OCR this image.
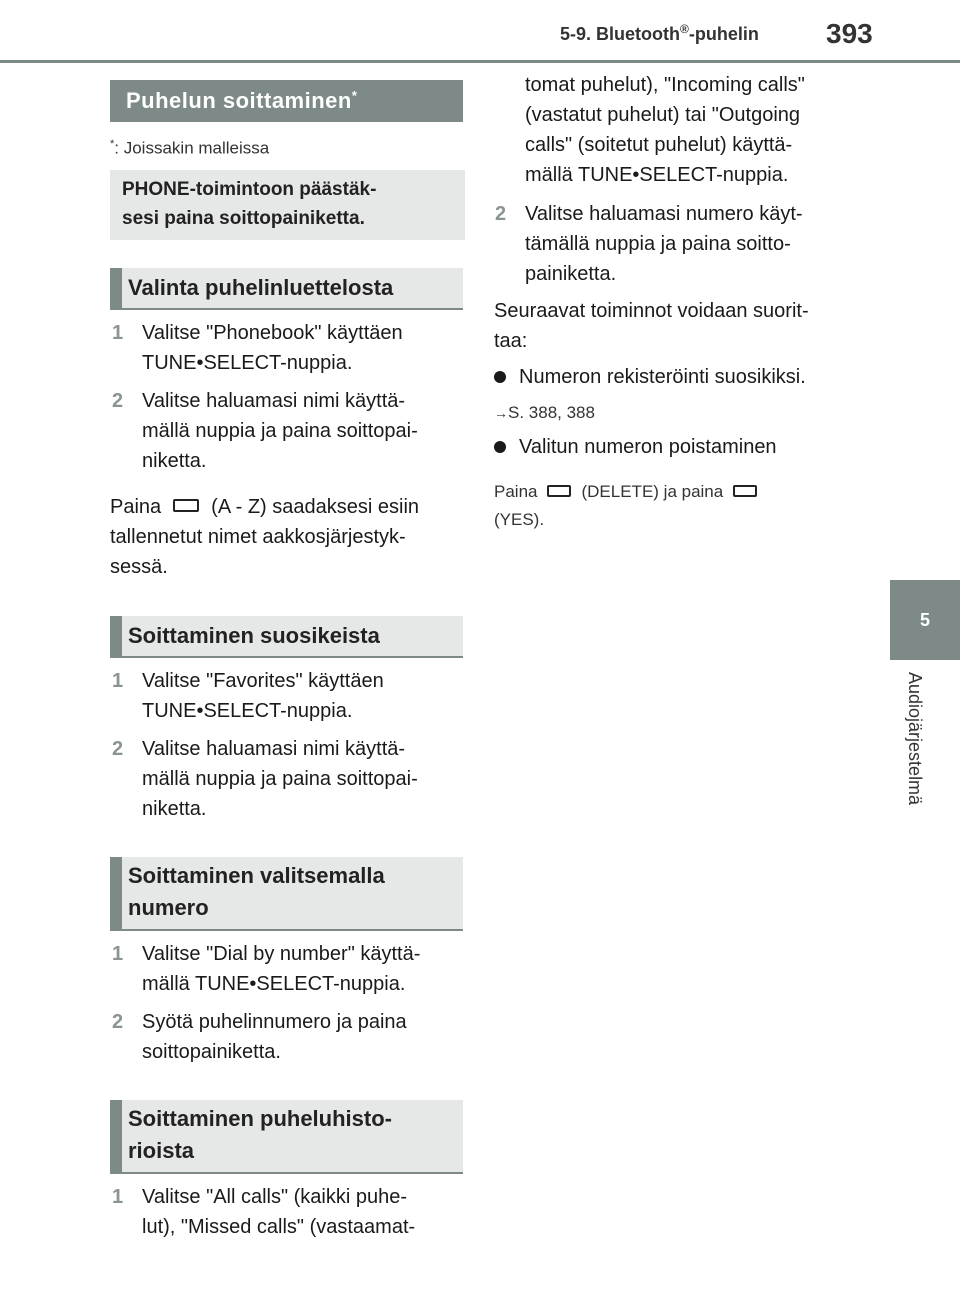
5-9. Bluetooth®-puhelin 393
5
Audiojärjestelmä
Puhelun soittaminen*
*: Joissakin malleissa
PHONE-toimintoon päästäk-
sesi paina soittopainiketta.
Valinta puhelinluettelosta
1 Valitse "Phonebook" käyttäen
TUNE•SELECT-nuppia.
2 Valitse haluamasi nimi käyttä-
mällä nuppia ja paina soittopai-
niketta.
Paina	(A - Z) saadaksesi esiin
tallennetut nimet aakkosjärjestyk-
sessä.
Soittaminen suosikeista
1 Valitse "Favorites" käyttäen
TUNE•SELECT-nuppia.
2 Valitse haluamasi nimi käyttä-
mällä nuppia ja paina soittopai-
niketta.
Soittaminen valitsemalla
numero
1 Valitse "Dial by number" käyttä-
mällä TUNE•SELECT-nuppia.
2 Syötä puhelinnumero ja paina
soittopainiketta.
Soittaminen puheluhisto-
rioista
1 Valitse "All calls" (kaikki puhe-
lut), "Missed calls" (vastaamat-
tomat puhelut), "Incoming calls"
(vastatut puhelut) tai "Outgoing
calls" (soitetut puhelut) käyttä-
mällä TUNE•SELECT-nuppia.
2 Valitse haluamasi numero käyt-
tämällä nuppia ja paina soitto-
painiketta.
Seuraavat toiminnot voidaan suorit-
taa:
Numeron rekisteröinti suosikiksi.
→S. 388, 388
Valitun numeron poistaminen
Paina	(DELETE) ja paina
(YES).
